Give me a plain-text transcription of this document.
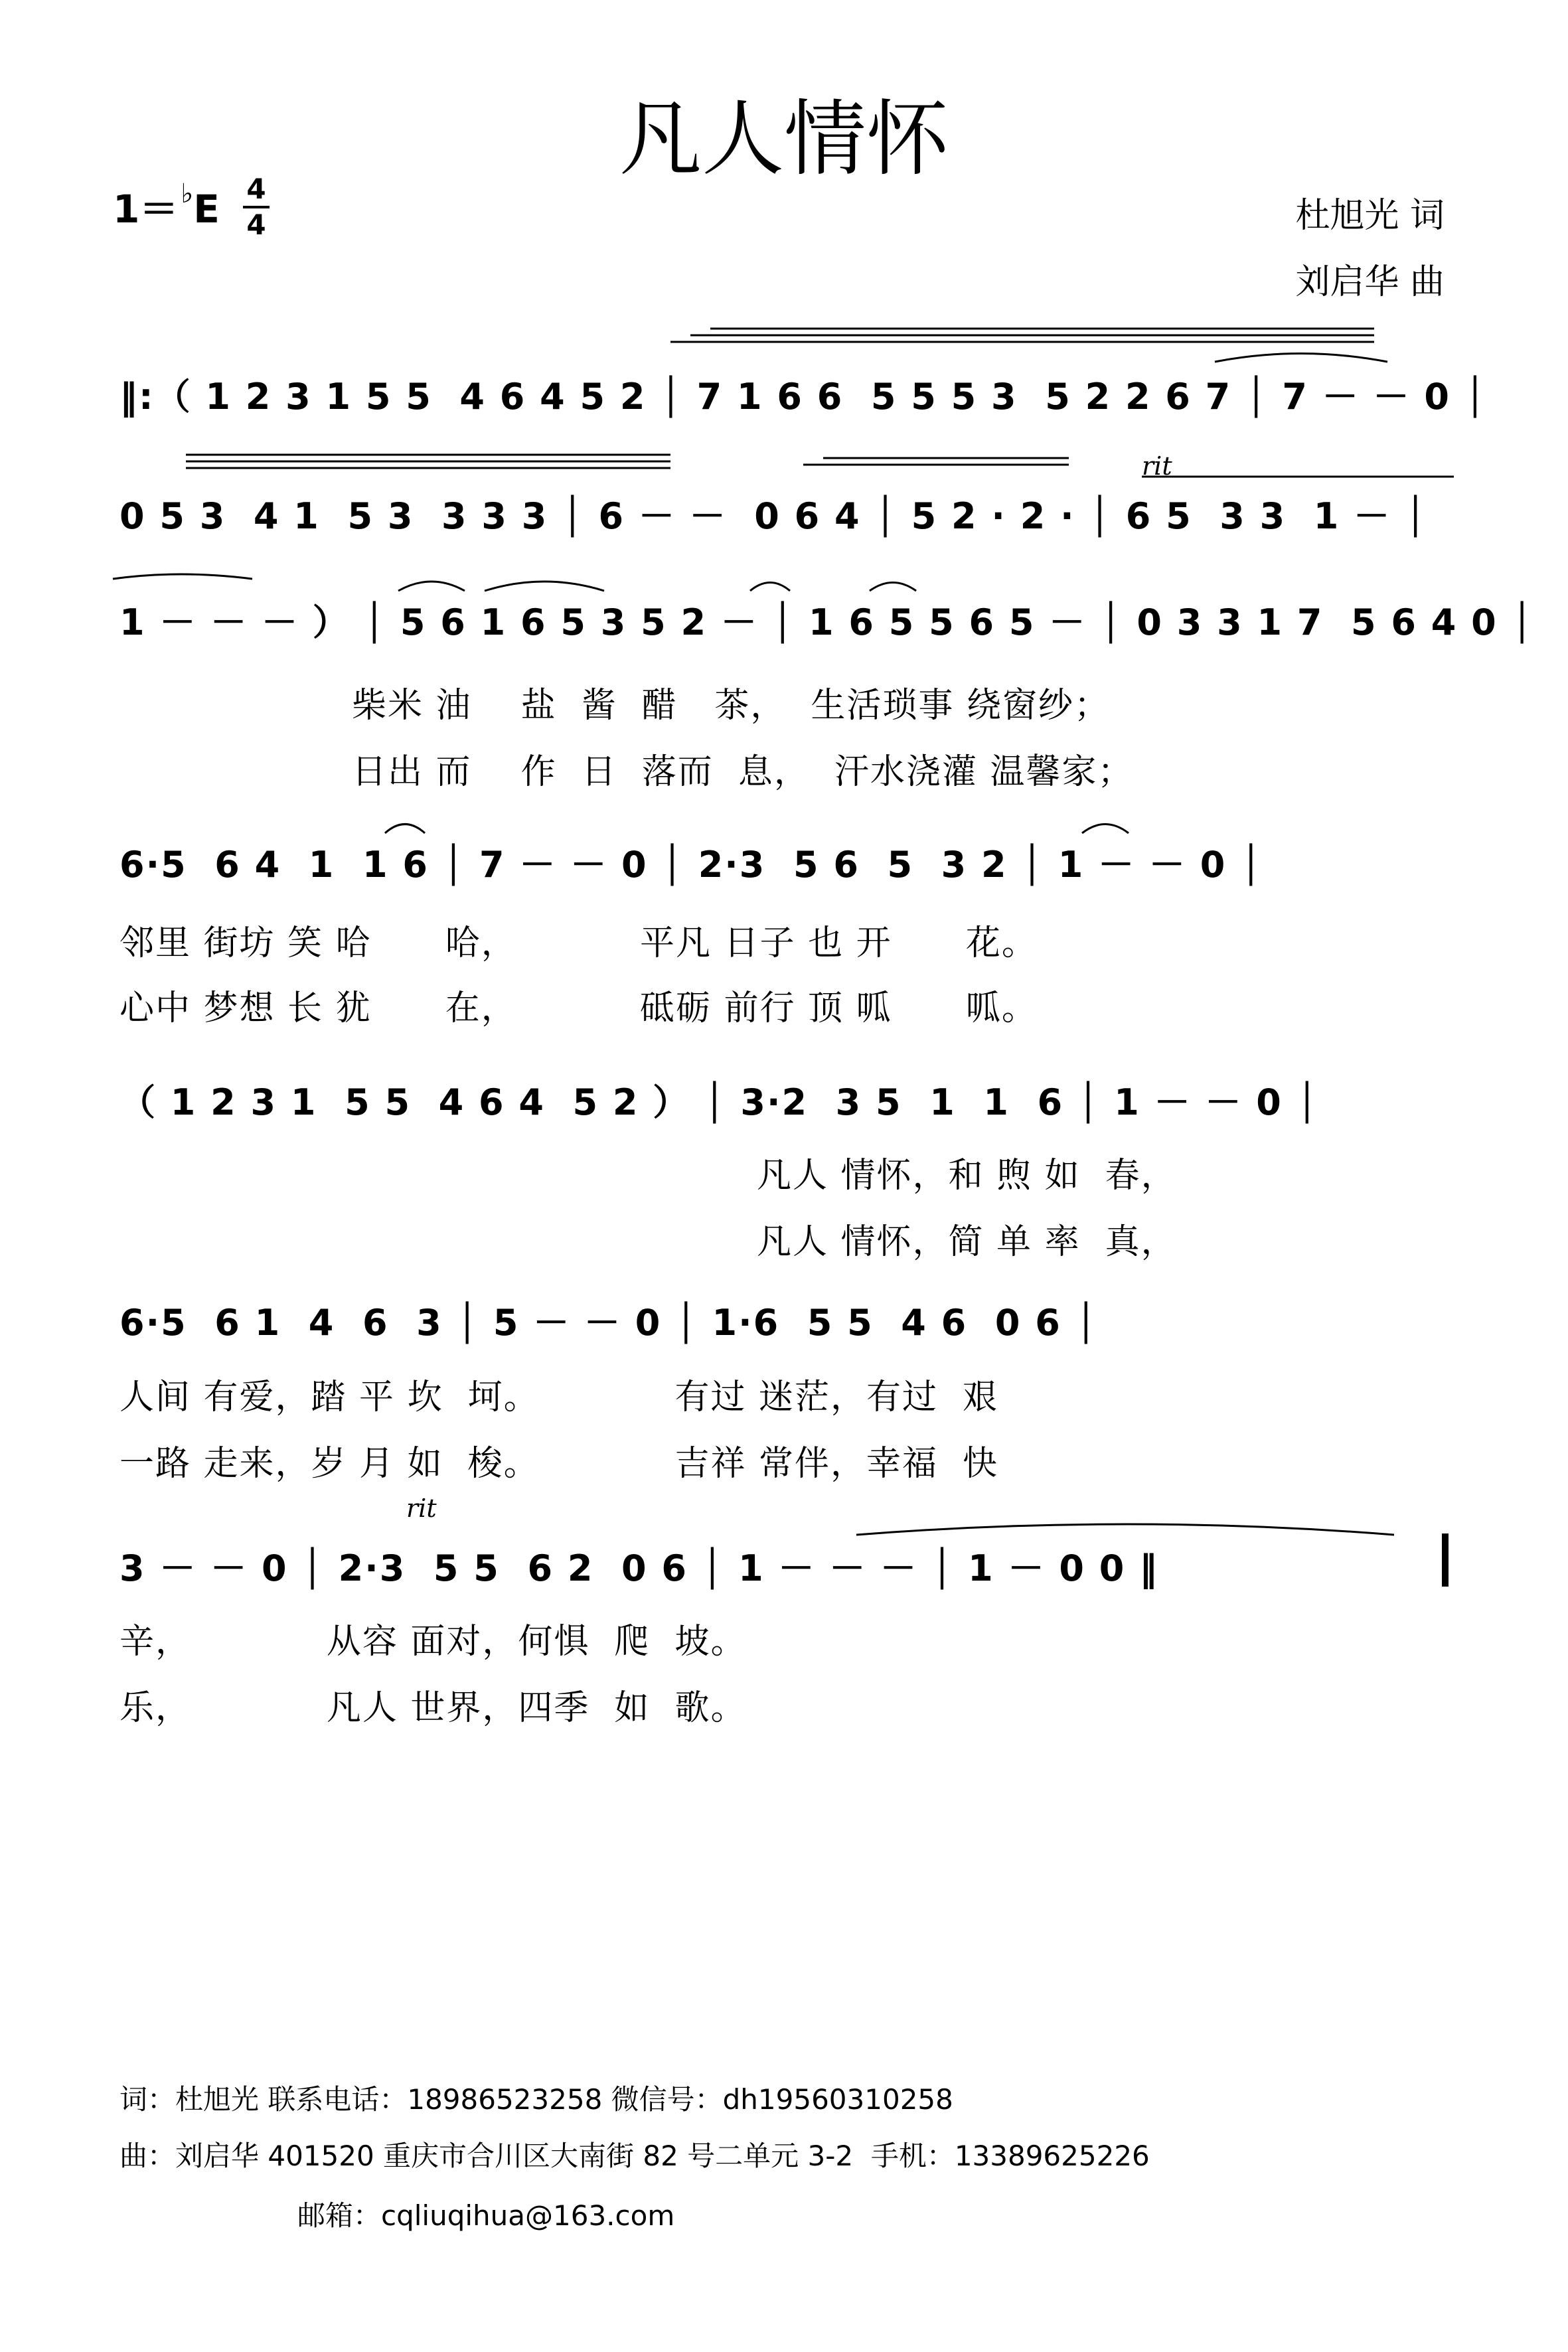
凡人情怀
1＝ ♭E 4
4	杜旭光 词
刘启华 曲
rit
rit
‖:（ 1 2 3 1 5 5  4 6 4 5 2 │ 7 1 6 6  5 5 5 3  5 2 2 6 7 │ 7 － － 0 │
0 5 3  4 1  5 3  3 3 3 │ 6 － －  0 6 4 │ 5 2 · 2 · │ 6 5  3 3  1 － │
1 － － － ） │ 5 6 1 6 5 3 5 2 － │ 1 6 5 5 6 5 － │ 0 3 3 1 7  5 6 4 0 │
柴米 油    盐  酱  醋   茶，  生活琐事 绕窗纱；
日出 而    作  日  落而  息，  汗水浇灌 温馨家；
6·5  6 4  1  1 6 │ 7 － － 0 │ 2·3  5 6  5  3 2 │ 1 － － 0 │
邻里 街坊 笑 哈      哈，          平凡 日子 也 开      花。
心中 梦想 长 犹      在，          砥砺 前行 顶 呱      呱。
（ 1 2 3 1  5 5  4 6 4  5 2 ） │ 3·2  3 5  1  1  6 │ 1 － － 0 │
凡人 情怀，和 煦 如  春，
凡人 情怀，简 单 率  真，
6·5  6 1  4  6  3 │ 5 － － 0 │ 1·6  5 5  4 6  0 6 │
人间 有爱，踏 平 坎  坷。           有过 迷茫，有过  艰
一路 走来，岁 月 如  梭。           吉祥 常伴，幸福  快
3 － － 0 │ 2·3  5 5  6 2  0 6 │ 1 － － － │ 1 － 0 0 ‖
辛，           从容 面对，何惧  爬  坡。
乐，           凡人 世界，四季  如  歌。
词：杜旭光 联系电话：18986523258 微信号：dh19560310258
曲：刘启华 401520 重庆市合川区大南街 82 号二单元 3-2  手机：13389625226
邮箱：cqliuqihua@163.com
